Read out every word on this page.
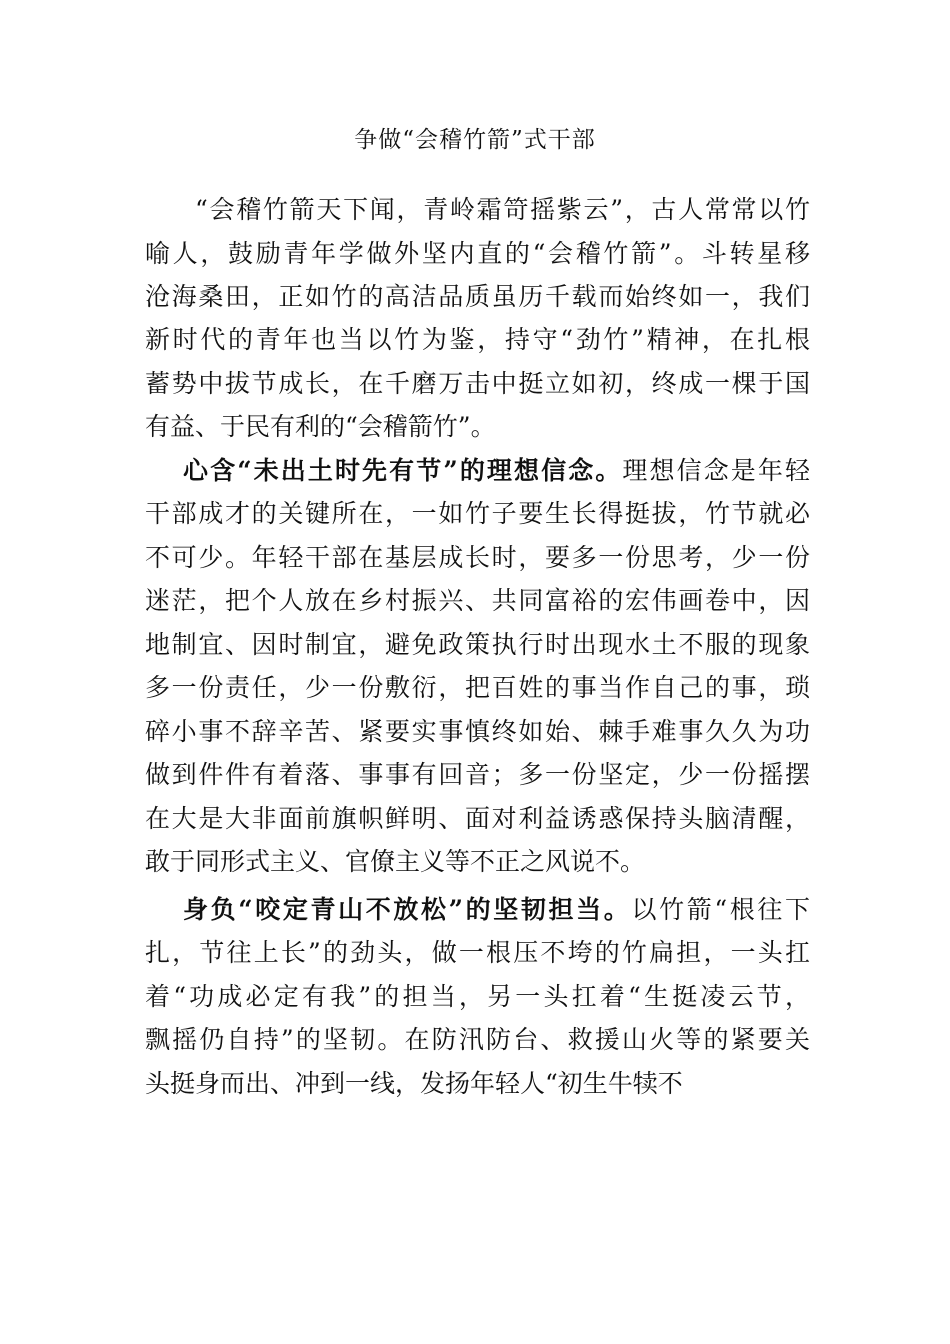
争做“会稽竹箭”式干部
“会稽竹箭天下闻，青岭霜笴摇紫云”，古人常常以竹
喻人，鼓励青年学做外坚内直的“会稽竹箭”。斗转星移
沧海桑田，正如竹的高洁品质虽历千载而始终如一，我们
新时代的青年也当以竹为鉴，持守“劲竹”精神，在扎根
蓄势中拔节成长，在千磨万击中挺立如初，终成一棵于国
有益、于民有利的“会稽箭竹”。
心含“未出土时先有节”的理想信念。理想信念是年轻
干部成才的关键所在，一如竹子要生长得挺拔，竹节就必
不可少。年轻干部在基层成长时，要多一份思考，少一份
迷茫，把个人放在乡村振兴、共同富裕的宏伟画卷中，因
地制宜、因时制宜，避免政策执行时出现水土不服的现象
多一份责任，少一份敷衍，把百姓的事当作自己的事，琐
碎小事不辞辛苦、紧要实事慎终如始、棘手难事久久为功
做到件件有着落、事事有回音；多一份坚定，少一份摇摆
在大是大非面前旗帜鲜明、面对利益诱惑保持头脑清醒，
敢于同形式主义、官僚主义等不正之风说不。
身负“咬定青山不放松”的坚韧担当。以竹箭“根往下
扎，节往上长”的劲头，做一根压不垮的竹扁担，一头扛
着“功成必定有我”的担当，另一头扛着“生挺凌云节，
飘摇仍自持”的坚韧。在防汛防台、救援山火等的紧要关
头挺身而出、冲到一线，发扬年轻人“初生牛犊不
